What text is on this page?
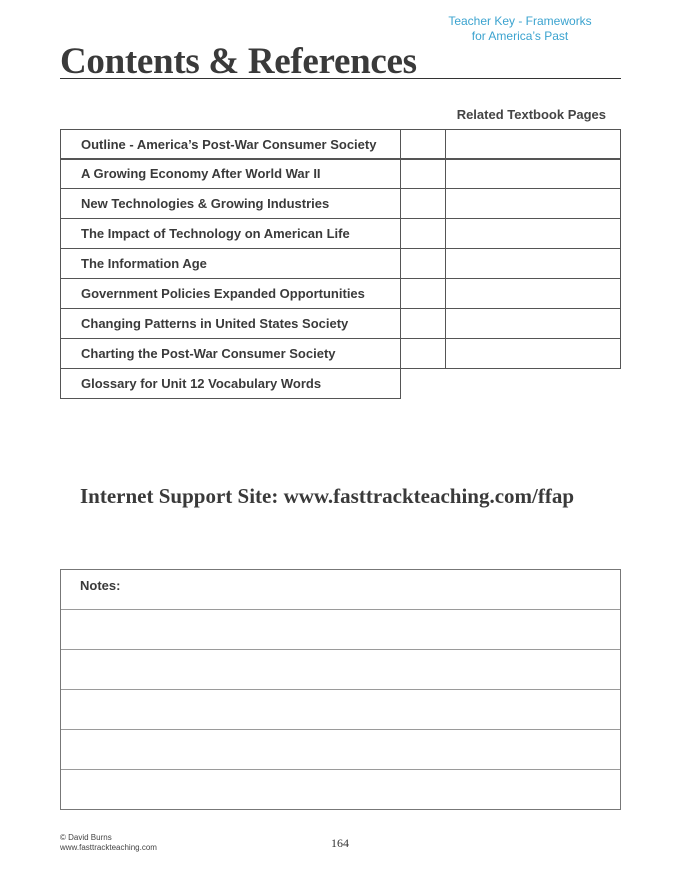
Teacher Key - Frameworks
for America’s Past
Contents & References
Related Textbook Pages
Outline - America’s Post-War Consumer Society
A Growing Economy After World War II
New Technologies & Growing Industries
The Impact of Technology on American Life
The Information Age
Government Policies Expanded Opportunities
Changing Patterns in United States Society
Charting the Post-War Consumer Society
Glossary for Unit 12 Vocabulary Words
Internet Support Site: www.fasttrackteaching.com/ffap
Notes:
© David Burns
www.fasttrackteaching.com	164
